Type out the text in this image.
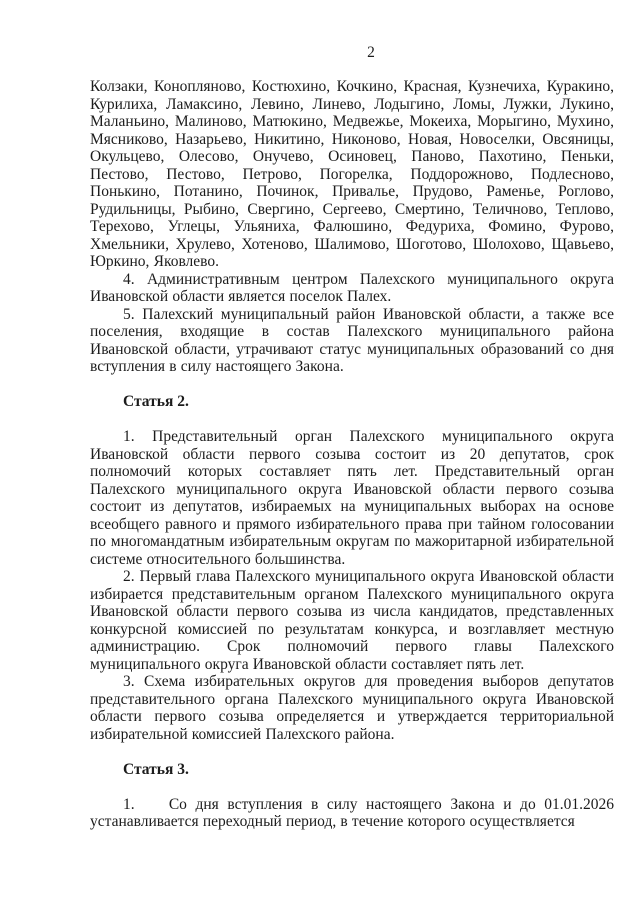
2

Колзаки, Конопляново, Костюхино, Кочкино, Красная, Кузнечиха, Куракино, Курилиха, Ламаксино, Левино, Линево, Лодыгино, Ломы, Лужки, Лукино, Маланьино, Малиново, Матюкино, Медвежье, Мокеиха, Морыгино, Мухино, Мясниково, Назарьево, Никитино, Никоново, Новая, Новоселки, Овсяницы, Окульцево, Олесово, Онучево, Осиновец, Паново, Пахотино, Пеньки, Пестово, Пестово, Петрово, Погорелка, Поддорожново, Подлесново, Понькино, Потанино, Починок, Привалье, Прудово, Раменье, Роглово, Рудильницы, Рыбино, Свергино, Сергеево, Смертино, Теличново, Теплово, Терехово, Углецы, Ульяниха, Фалюшино, Федуриха, Фомино, Фурово, Хмельники, Хрулево, Хотеново, Шалимово, Шоготово, Шолохово, Щавьево, Юркино, Яковлево.

4. Административным центром Палехского муниципального округа Ивановской области является поселок Палех.

5. Палехский муниципальный район Ивановской области, а также все поселения, входящие в состав Палехского муниципального района Ивановской области, утрачивают статус муниципальных образований со дня вступления в силу настоящего Закона.

Статья 2.

1. Представительный орган Палехского муниципального округа Ивановской области первого созыва состоит из 20 депутатов, срок полномочий которых составляет пять лет. Представительный орган Палехского муниципального округа Ивановской области первого созыва состоит из депутатов, избираемых на муниципальных выборах на основе всеобщего равного и прямого избирательного права при тайном голосовании по многомандатным избирательным округам по мажоритарной избирательной системе относительного большинства.

2. Первый глава Палехского муниципального округа Ивановской области избирается представительным органом Палехского муниципального округа Ивановской области первого созыва из числа кандидатов, представленных конкурсной комиссией по результатам конкурса, и возглавляет местную администрацию. Срок полномочий первого главы Палехского муниципального округа Ивановской области составляет пять лет.

3. Схема избирательных округов для проведения выборов депутатов представительного органа Палехского муниципального округа Ивановской области первого созыва определяется и утверждается территориальной избирательной комиссией Палехского района.

Статья 3.

1.    Со дня вступления в силу настоящего Закона и до 01.01.2026 устанавливается переходный период, в течение которого осуществляется
